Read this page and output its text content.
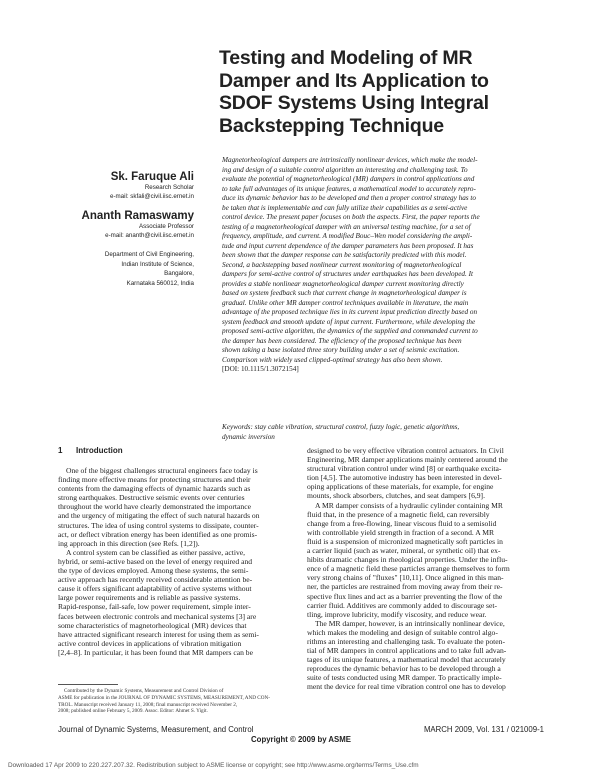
Testing and Modeling of MR
Damper and Its Application to
SDOF Systems Using Integral
Backstepping Technique
Sk. Faruque Ali
Research Scholar
e-mail: skfali@civil.iisc.ernet.in
Ananth Ramaswamy
Associate Professor
e-mail: ananth@civil.iisc.ernet.in
Department of Civil Engineering,
Indian Institute of Science,
Bangalore,
Karnataka 560012, India
Magnetorheological dampers are intrinsically nonlinear devices, which make the model-
ing and design of a suitable control algorithm an interesting and challenging task. To
evaluate the potential of magnetorheological (MR) dampers in control applications and
to take full advantages of its unique features, a mathematical model to accurately repro-
duce its dynamic behavior has to be developed and then a proper control strategy has to
be taken that is implementable and can fully utilize their capabilities as a semi-active
control device. The present paper focuses on both the aspects. First, the paper reports the
testing of a magnetorheological damper with an universal testing machine, for a set of
frequency, amplitude, and current. A modified Bouc–Wen model considering the ampli-
tude and input current dependence of the damper parameters has been proposed. It has
been shown that the damper response can be satisfactorily predicted with this model.
Second, a backstepping based nonlinear current monitoring of magnetorheological
dampers for semi-active control of structures under earthquakes has been developed. It
provides a stable nonlinear magnetorheological damper current monitoring directly
based on system feedback such that current change in magnetorheological damper is
gradual. Unlike other MR damper control techniques available in literature, the main
advantage of the proposed technique lies in its current input prediction directly based on
system feedback and smooth update of input current. Furthermore, while developing the
proposed semi-active algorithm, the dynamics of the supplied and commanded current to
the damper has been considered. The efficiency of the proposed technique has been
shown taking a base isolated three story building under a set of seismic excitation.
Comparison with widely used clipped-optimal strategy has also been shown.
[DOI: 10.1115/1.3072154]
Keywords: stay cable vibration, structural control, fuzzy logic, genetic algorithms,
dynamic inversion
1 Introduction
One of the biggest challenges structural engineers face today is
finding more effective means for protecting structures and their
contents from the damaging effects of dynamic hazards such as
strong earthquakes. Destructive seismic events over centuries
throughout the world have clearly demonstrated the importance
and the urgency of mitigating the effect of such natural hazards on
structures. The idea of using control systems to dissipate, counter-
act, or deflect vibration energy has been identified as one promis-
ing approach in this direction (see Refs. [1,2]).
A control system can be classified as either passive, active,
hybrid, or semi-active based on the level of energy required and
the type of devices employed. Among these systems, the semi-
active approach has recently received considerable attention be-
cause it offers significant adaptability of active systems without
large power requirements and is reliable as passive systems.
Rapid-response, fail-safe, low power requirement, simple inter-
faces between electronic controls and mechanical systems [3] are
some characteristics of magnetorheological (MR) devices that
have attracted significant research interest for using them as semi-
active control devices in applications of vibration mitigation
[2,4–8]. In particular, it has been found that MR dampers can be
designed to be very effective vibration control actuators. In Civil
Engineering, MR damper applications mainly centered around the
structural vibration control under wind [8] or earthquake excita-
tion [4,5]. The automotive industry has been interested in devel-
oping applications of these materials, for example, for engine
mounts, shock absorbers, clutches, and seat dampers [6,9].
A MR damper consists of a hydraulic cylinder containing MR
fluid that, in the presence of a magnetic field, can reversibly
change from a free-flowing, linear viscous fluid to a semisolid
with controllable yield strength in fraction of a second. A MR
fluid is a suspension of micronized magnetically soft particles in
a carrier liquid (such as water, mineral, or synthetic oil) that ex-
hibits dramatic changes in rheological properties. Under the influ-
ence of a magnetic field these particles arrange themselves to form
very strong chains of "fluxes" [10,11]. Once aligned in this man-
ner, the particles are restrained from moving away from their re-
spective flux lines and act as a barrier preventing the flow of the
carrier fluid. Additives are commonly added to discourage set-
tling, improve lubricity, modify viscosity, and reduce wear.
The MR damper, however, is an intrinsically nonlinear device,
which makes the modeling and design of suitable control algo-
rithms an interesting and challenging task. To evaluate the poten-
tial of MR dampers in control applications and to take full advan-
tages of its unique features, a mathematical model that accurately
reproduces the dynamic behavior has to be developed through a
suite of tests conducted using MR damper. To practically imple-
ment the device for real time vibration control one has to develop
Contributed by the Dynamic Systems, Measurement and Control Division of
ASME for publication in the JOURNAL OF DYNAMIC SYSTEMS, MEASUREMENT, AND CON-
TROL. Manuscript received January 11, 2008; final manuscript received November 2,
2008; published online February 5, 2009. Assoc. Editor: Ahmet S. Yigit.
Journal of Dynamic Systems, Measurement, and Control	MARCH 2009, Vol. 131 / 021009-1
Copyright © 2009 by ASME
Downloaded 17 Apr 2009 to 220.227.207.32. Redistribution subject to ASME license or copyright; see http://www.asme.org/terms/Terms_Use.cfm
